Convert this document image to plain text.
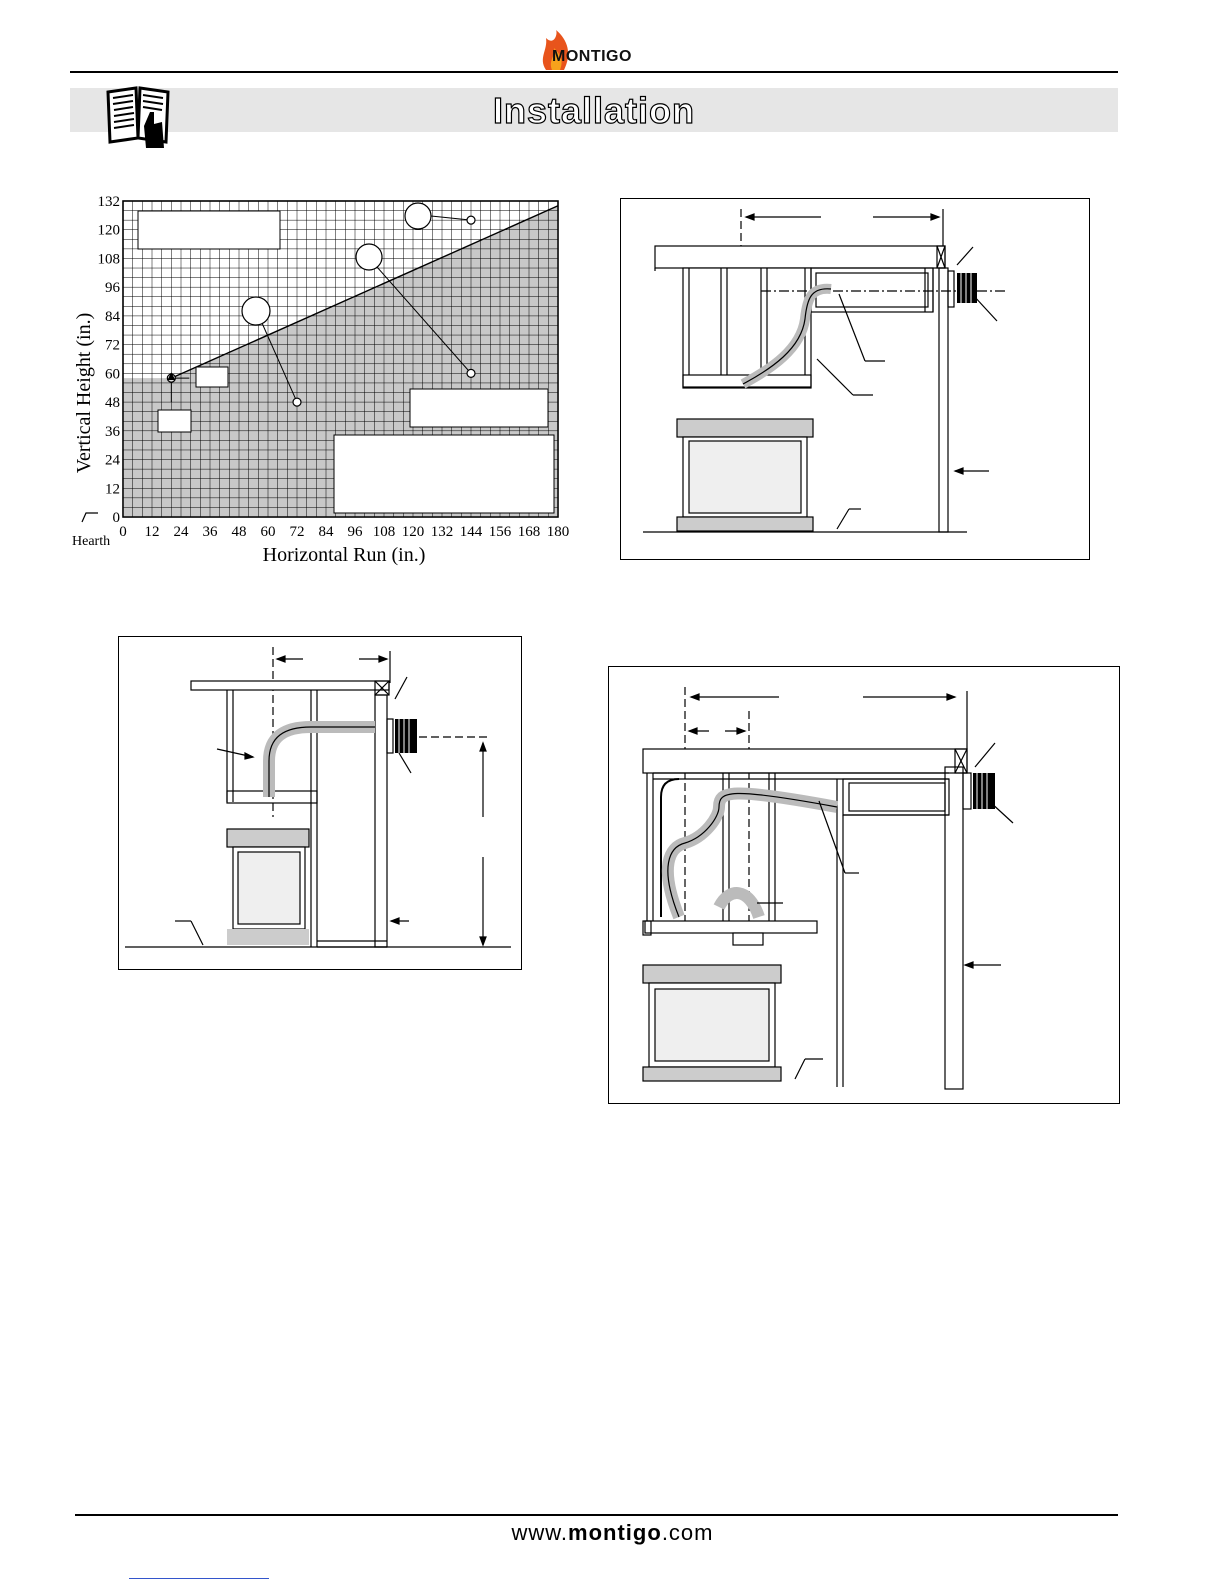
MONTIGO
Installation
0 12 24 36 48 60 72 84 96 108 120 132 144 156 168 180
0
12
24
36
48
60
72
84
96
108
120
132
Horizontal Run (in.)
Vertical Height (in.)
Hearth
www.montigo.com
